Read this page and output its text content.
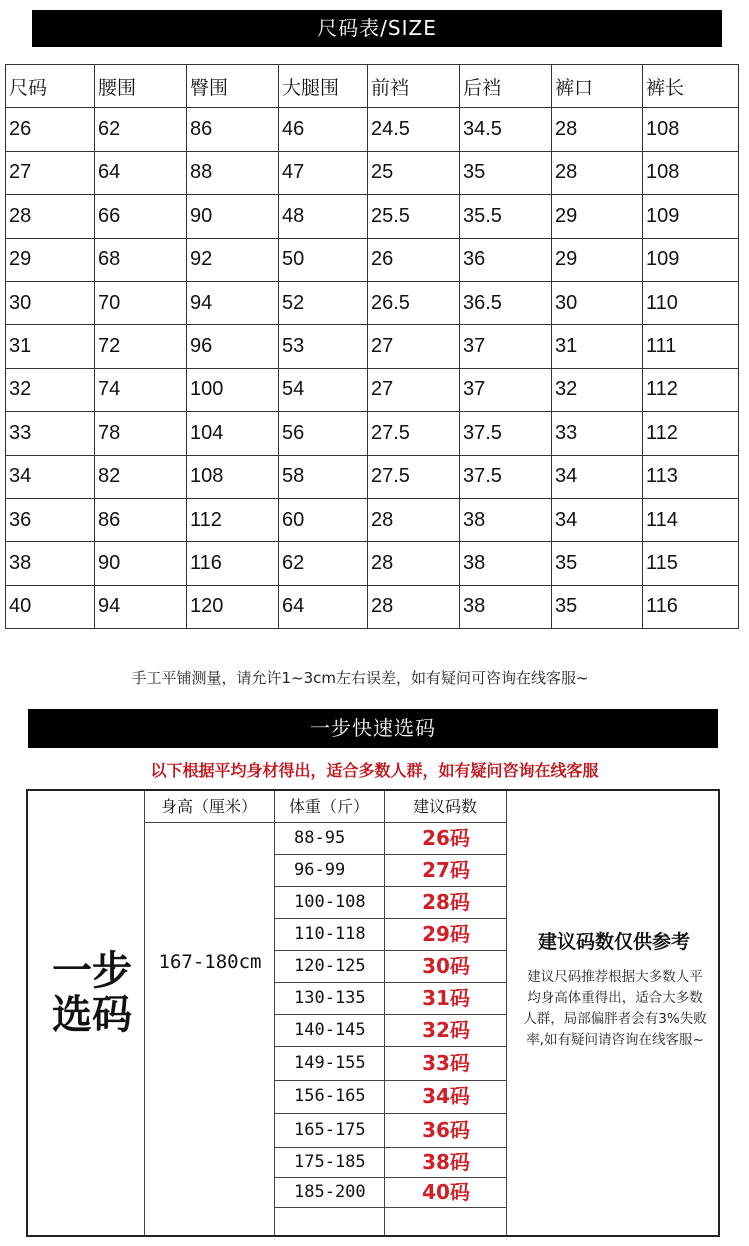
尺码表/SIZE
尺码	腰围	臀围	大腿围	前裆	后裆	裤口	裤长
26	62	86	46	24.5	34.5	28	108
27	64	88	47	25	35	28	108
28	66	90	48	25.5	35.5	29	109
29	68	92	50	26	36	29	109
30	70	94	52	26.5	36.5	30	110
31	72	96	53	27	37	31	111
32	74	100	54	27	37	32	112
33	78	104	56	27.5	37.5	33	112
34	82	108	58	27.5	37.5	34	113
36	86	112	60	28	38	34	114
38	90	116	62	28	38	35	115
40	94	120	64	28	38	35	116
手工平铺测量，请允许1~3cm左右误差，如有疑问可咨询在线客服~
一步快速选码
以下根据平均身材得出，适合多数人群，如有疑问咨询在线客服
一步
选码
身高（厘米）	体重（斤）	建议码数
167-180cm
88-95	26码
96-99	27码
100-108	28码
110-118	29码
120-125	30码
130-135	31码
140-145	32码
149-155	33码
156-165	34码
165-175	36码
175-185	38码
185-200	40码
建议码数仅供参考
建议尺码推荐根据大多数人平均身高体重得出，适合大多数人群，局部偏胖者会有3%失败率,如有疑问请咨询在线客服~
